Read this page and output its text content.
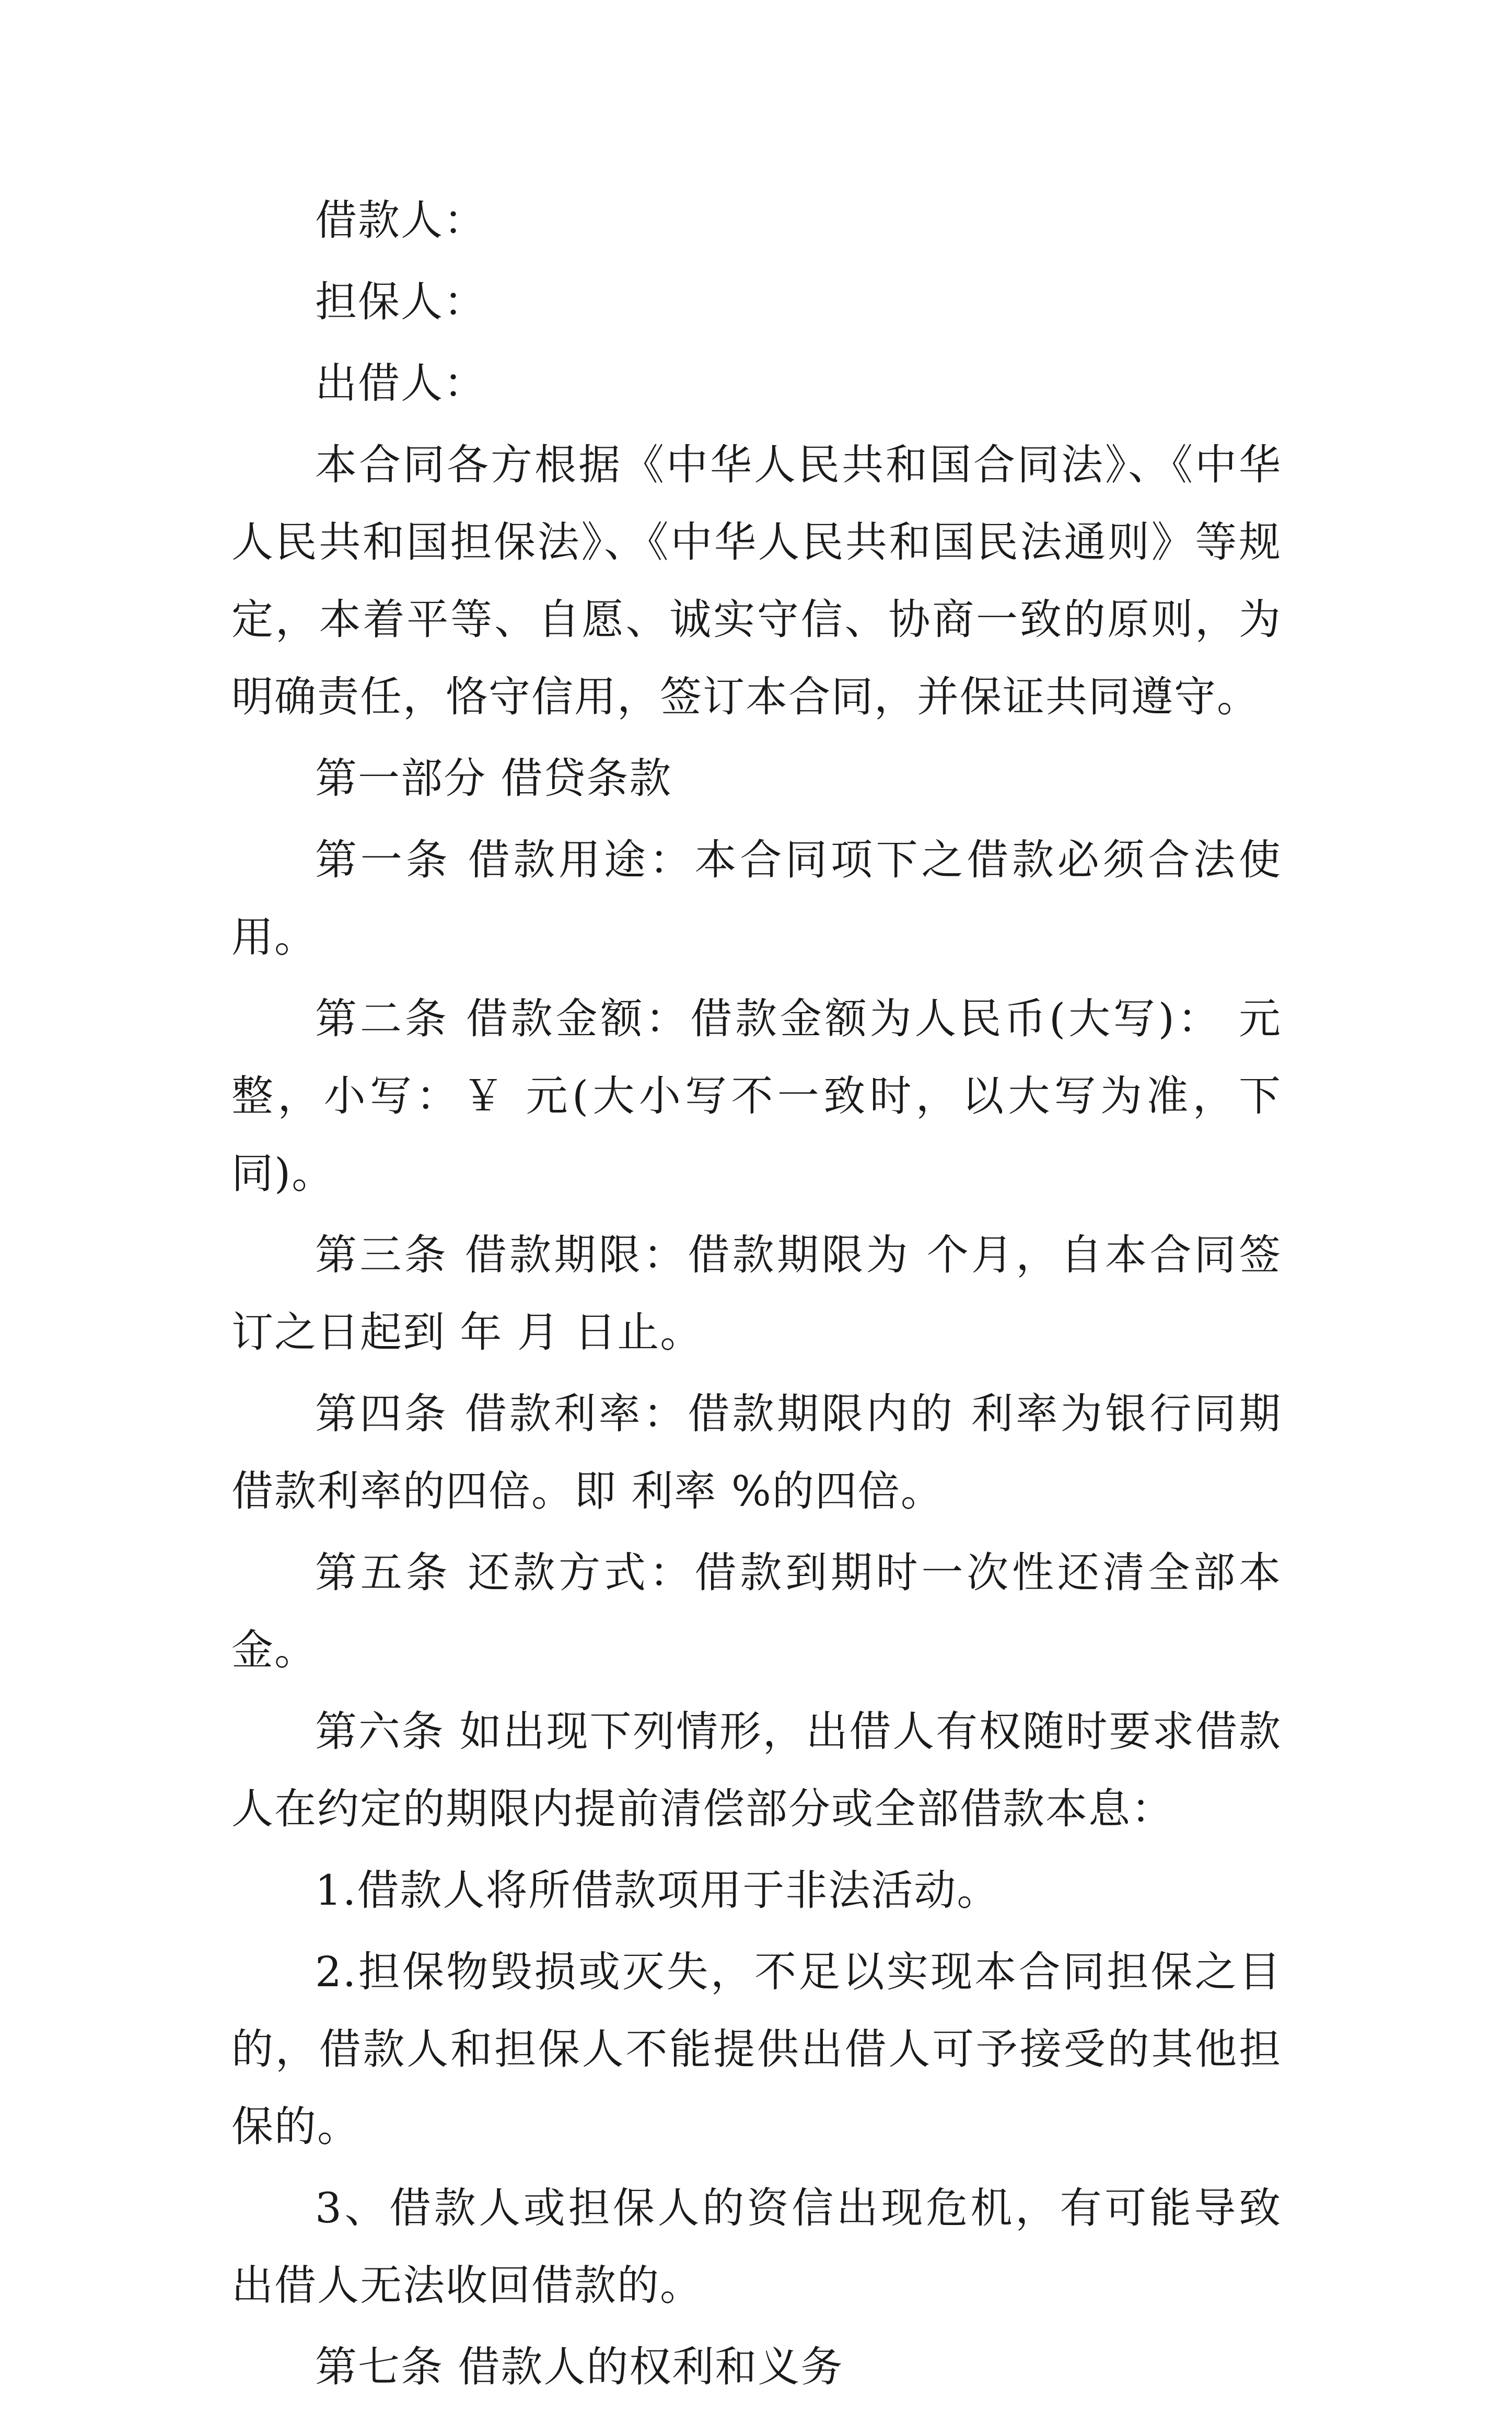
借款人：

担保人：

出借人：

本合同各方根据《中华人民共和国合同法》、《中华人民共和国担保法》、《中华人民共和国民法通则》等规定，本着平等、自愿、诚实守信、协商一致的原则，为明确责任，恪守信用，签订本合同，并保证共同遵守。

第一部分 借贷条款

第一条 借款用途：本合同项下之借款必须合法使用。

第二条 借款金额：借款金额为人民币(大写)： 元整，小写：￥ 元(大小写不一致时，以大写为准，下同)。

第三条 借款期限：借款期限为 个月，自本合同签订之日起到 年 月 日止。

第四条 借款利率：借款期限内的 利率为银行同期借款利率的四倍。即 利率 %的四倍。

第五条 还款方式：借款到期时一次性还清全部本金。

第六条 如出现下列情形，出借人有权随时要求借款人在约定的期限内提前清偿部分或全部借款本息：

1.借款人将所借款项用于非法活动。

2.担保物毁损或灭失，不足以实现本合同担保之目的，借款人和担保人不能提供出借人可予接受的其他担保的。

3、借款人或担保人的资信出现危机，有可能导致出借人无法收回借款的。

第七条 借款人的权利和义务
